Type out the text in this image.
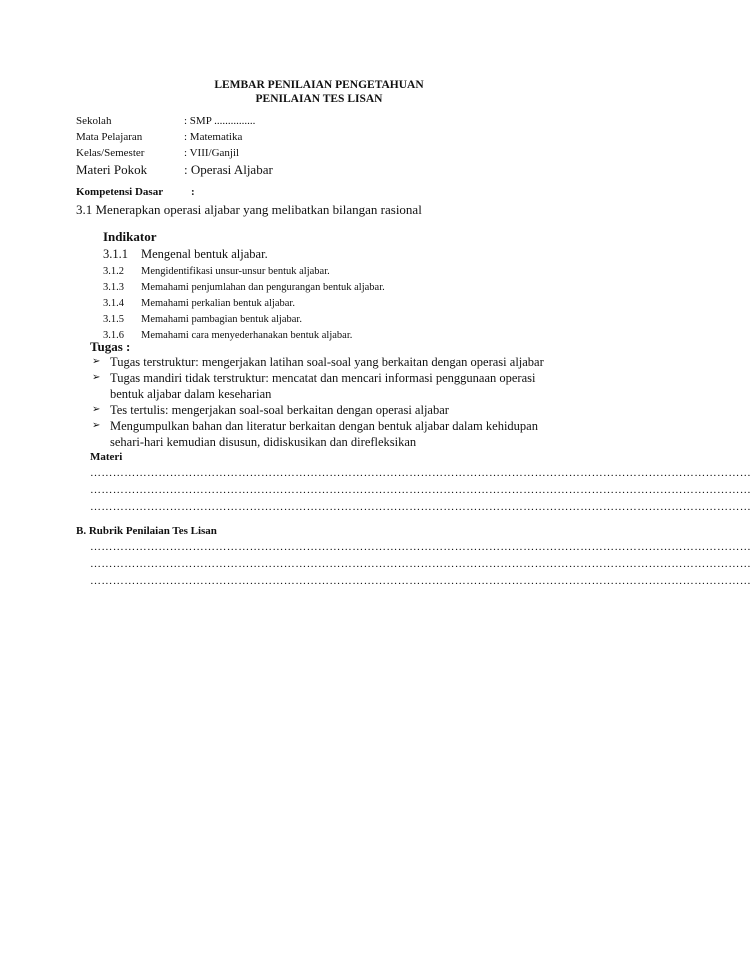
LEMBAR PENILAIAN PENGETAHUAN
PENILAIAN TES LISAN
Sekolah	: SMP ...............
Mata Pelajaran	: Matematika
Kelas/Semester	: VIII/Ganjil
Materi Pokok	: Operasi Aljabar
Kompetensi Dasar	:
3.1 Menerapkan operasi aljabar yang melibatkan bilangan rasional
Indikator
3.1.1 Mengenal bentuk aljabar.
3.1.2 Mengidentifikasi unsur-unsur bentuk aljabar.
3.1.3 Memahami penjumlahan dan pengurangan bentuk aljabar.
3.1.4 Memahami perkalian bentuk aljabar.
3.1.5 Memahami pambagian bentuk aljabar.
3.1.6 Memahami cara menyederhanakan bentuk aljabar.
Tugas :
➢ Tugas terstruktur: mengerjakan latihan soal-soal yang berkaitan dengan operasi aljabar
➢ Tugas mandiri tidak terstruktur: mencatat dan mencari informasi penggunaan operasi
bentuk aljabar dalam keseharian
➢ Tes tertulis: mengerjakan soal-soal berkaitan dengan operasi aljabar
➢ Mengumpulkan bahan dan literatur berkaitan dengan bentuk aljabar dalam kehidupan
sehari-hari kemudian disusun, didiskusikan dan direfleksikan
Materi
…………………………………………………………………………………………………………………………………………………………
…………………………………………………………………………………………………………………………………………………………
…………………………………………………………………………………………………………………………………………………………
B. Rubrik Penilaian Tes Lisan
…………………………………………………………………………………………………………………………………………………………
…………………………………………………………………………………………………………………………………………………………
…………………………………………………………………………………………………………………………………………………………
